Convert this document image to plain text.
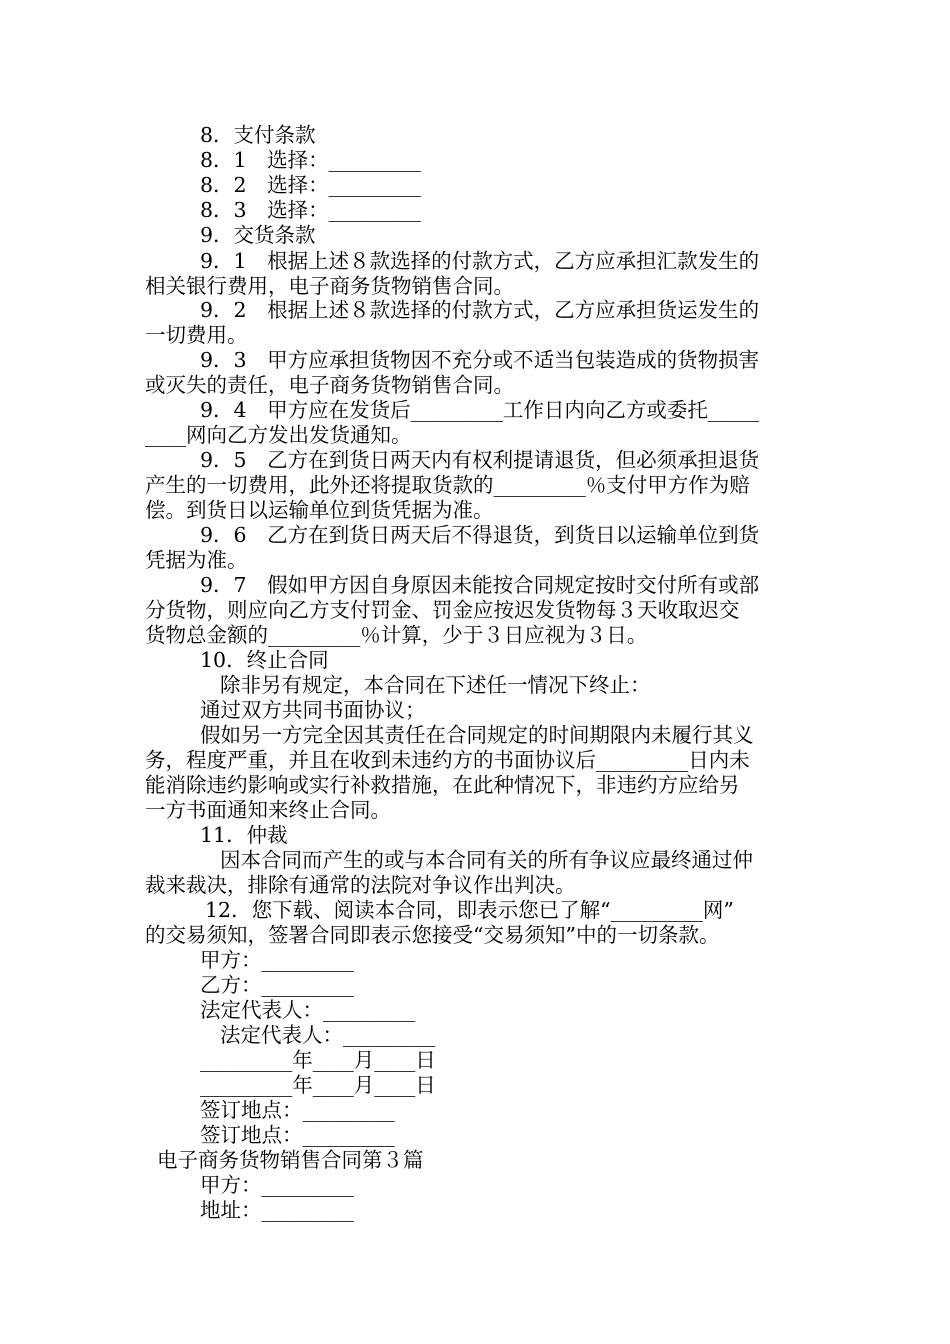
8．支付条款

8．1　选择：_________

8．2　选择：_________

8．3　选择：_________

9．交货条款

9．1　根据上述８款选择的付款方式，乙方应承担汇款发生的

相关银行费用，电子商务货物销售合同。

9．2　根据上述８款选择的付款方式，乙方应承担货运发生的

一切费用。

9．3　甲方应承担货物因不充分或不适当包装造成的货物损害

或灭失的责任，电子商务货物销售合同。

9．4　甲方应在发货后_________工作日内向乙方或委托_____

____网向乙方发出发货通知。

9．5　乙方在到货日两天内有权利提请退货，但必须承担退货

产生的一切费用，此外还将提取货款的_________％支付甲方作为赔

偿。到货日以运输单位到货凭据为准。

9．6　乙方在到货日两天后不得退货，到货日以运输单位到货

凭据为准。

9．7　假如甲方因自身原因未能按合同规定按时交付所有或部

分货物，则应向乙方支付罚金、罚金应按迟发货物每３天收取迟交

货物总金额的_________％计算，少于３日应视为３日。

10．终止合同

除非另有规定，本合同在下述任一情况下终止：

通过双方共同书面协议；

假如另一方完全因其责任在合同规定的时间期限内未履行其义

务，程度严重，并且在收到未违约方的书面协议后_________日内未

能消除违约影响或实行补救措施，在此种情况下，非违约方应给另

一方书面通知来终止合同。

11．仲裁

因本合同而产生的或与本合同有关的所有争议应最终通过仲

裁来裁决，排除有通常的法院对争议作出判决。

12．您下载、阅读本合同，即表示您已了解“_________网”

的交易须知，签署合同即表示您接受“交易须知”中的一切条款。

甲方：_________

乙方：_________

法定代表人：_________

法定代表人：_________

_________年____月____日

_________年____月____日

签订地点：_________

签订地点：_________

电子商务货物销售合同第３篇

甲方：_________

地址：_________
